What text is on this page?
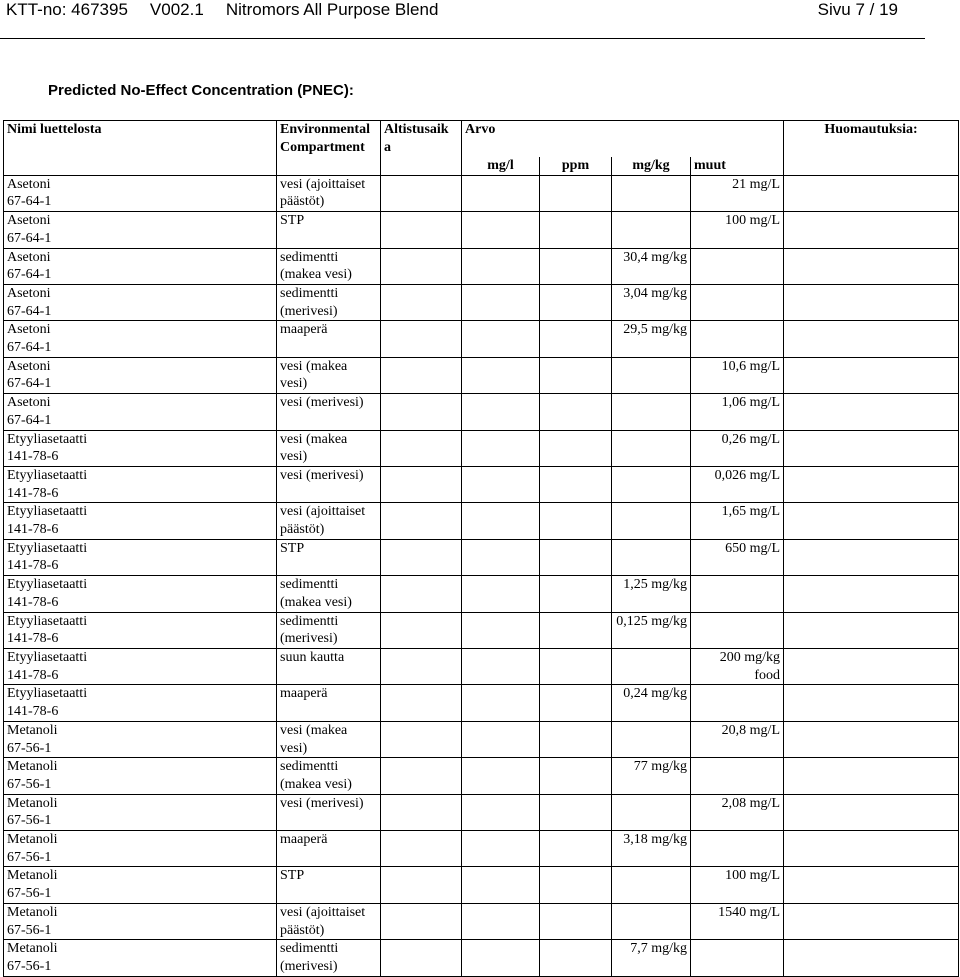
KTT-no: 467395 V002.1 Nitromors All Purpose Blend	Sivu 7 / 19
Predicted No-Effect Concentration (PNEC):
Nimi luettelosta	Environmental Compartment	Altistusaik a	Arvo				Huomautuksia:
			mg/l	ppm	mg/kg	muut	

Asetoni
67-64-1	vesi (ajoittaiset päästöt)					21 mg/L	

Asetoni
67-64-1	STP					100 mg/L	

Asetoni
67-64-1	sedimentti (makea vesi)				30,4 mg/kg		

Asetoni
67-64-1	sedimentti (merivesi)				3,04 mg/kg		

Asetoni
67-64-1	maaperä				29,5 mg/kg		

Asetoni
67-64-1	vesi (makea vesi)					10,6 mg/L	

Asetoni
67-64-1	vesi (merivesi)					1,06 mg/L	

Etyyliasetaatti
141-78-6	vesi (makea vesi)					0,26 mg/L	

Etyyliasetaatti
141-78-6	vesi (merivesi)					0,026 mg/L	

Etyyliasetaatti
141-78-6	vesi (ajoittaiset päästöt)					1,65 mg/L	

Etyyliasetaatti
141-78-6	STP					650 mg/L	

Etyyliasetaatti
141-78-6	sedimentti (makea vesi)				1,25 mg/kg		

Etyyliasetaatti
141-78-6	sedimentti (merivesi)				0,125 mg/kg		

Etyyliasetaatti
141-78-6	suun kautta					200 mg/kg food	

Etyyliasetaatti
141-78-6	maaperä				0,24 mg/kg		

Metanoli
67-56-1	vesi (makea vesi)					20,8 mg/L	

Metanoli
67-56-1	sedimentti (makea vesi)				77 mg/kg		

Metanoli
67-56-1	vesi (merivesi)					2,08 mg/L	

Metanoli
67-56-1	maaperä				3,18 mg/kg		

Metanoli
67-56-1	STP					100 mg/L	

Metanoli
67-56-1	vesi (ajoittaiset päästöt)					1540 mg/L	

Metanoli
67-56-1	sedimentti (merivesi)				7,7 mg/kg		
